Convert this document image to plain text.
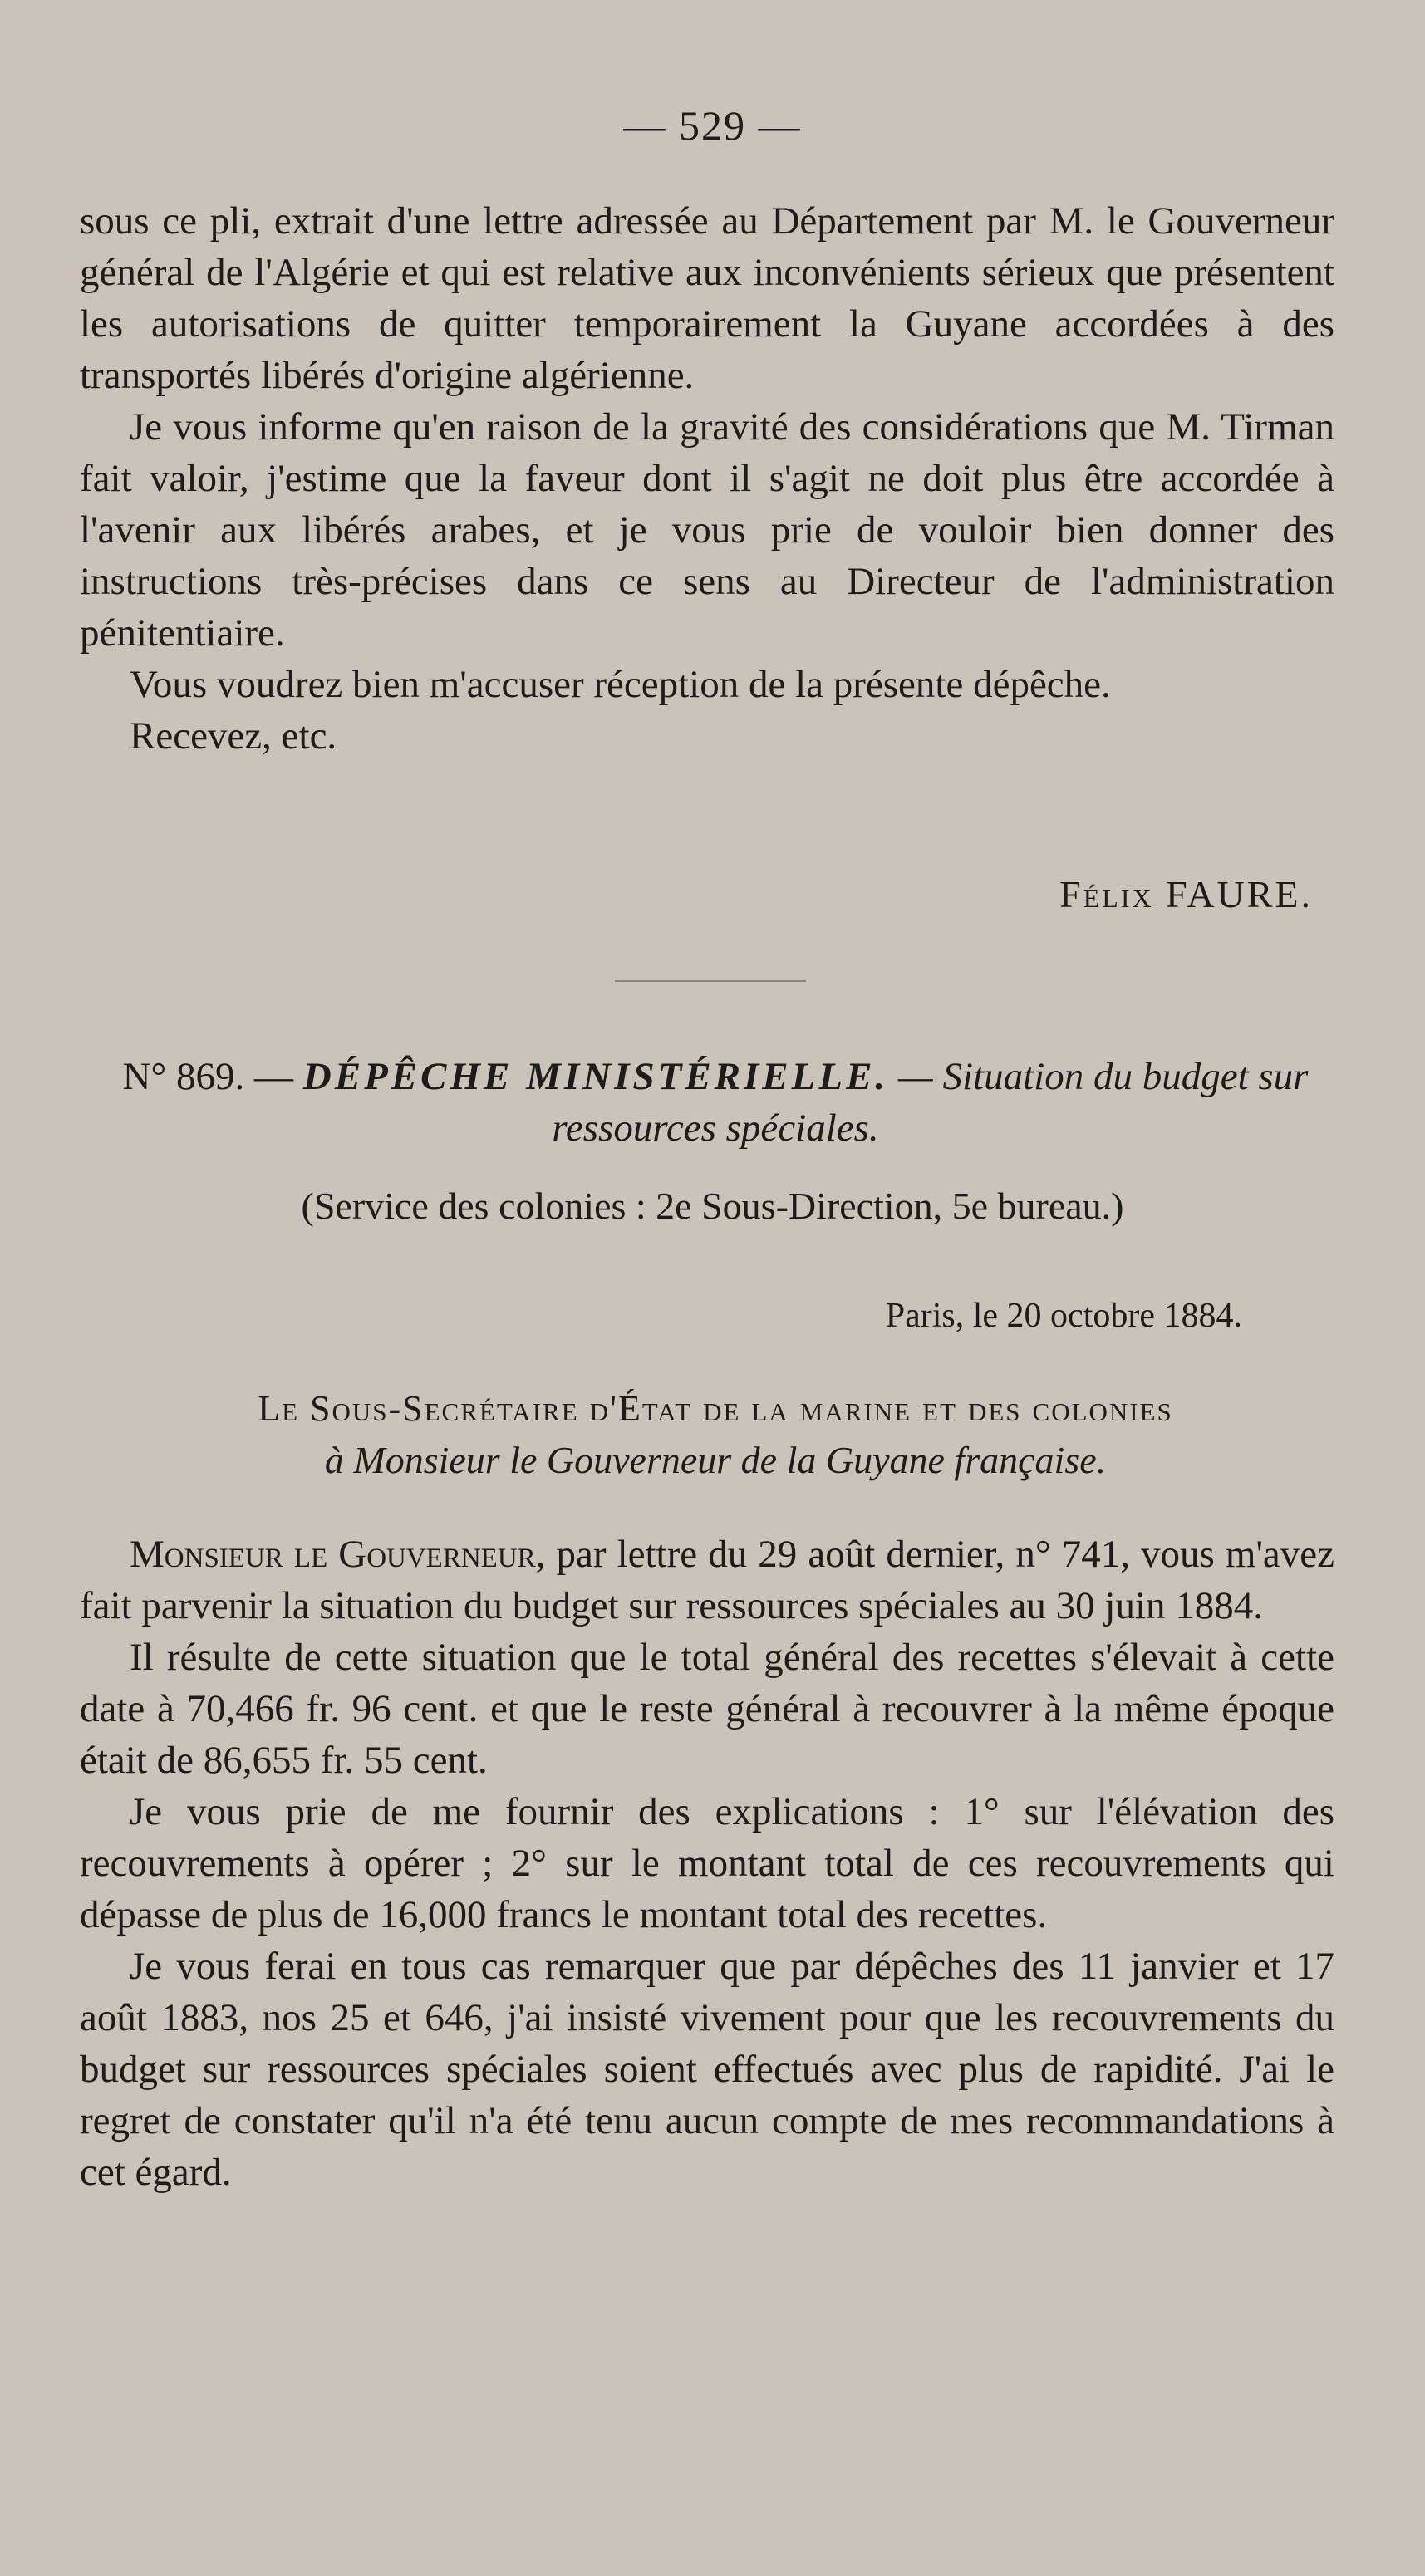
— 529 —

sous ce pli, extrait d'une lettre adressée au Département par M. le Gouverneur général de l'Algérie et qui est relative aux inconvénients sérieux que présentent les autorisations de quitter temporairement la Guyane accordées à des transportés libérés d'origine algérienne.

Je vous informe qu'en raison de la gravité des considérations que M. Tirman fait valoir, j'estime que la faveur dont il s'agit ne doit plus être accordée à l'avenir aux libérés arabes, et je vous prie de vouloir bien donner des instructions très-précises dans ce sens au Directeur de l'administration pénitentiaire.

Vous voudrez bien m'accuser réception de la présente dépêche.

Recevez, etc.

Félix FAURE.
N° 869. — DÉPÊCHE MINISTÉRIELLE. — Situation du budget sur ressources spéciales.
(Service des colonies : 2e Sous-Direction, 5e bureau.)
Paris, le 20 octobre 1884.
Le Sous-Secrétaire d'État de la marine et des colonies
à Monsieur le Gouverneur de la Guyane française.

Monsieur le Gouverneur, par lettre du 29 août dernier, n° 741, vous m'avez fait parvenir la situation du budget sur ressources spéciales au 30 juin 1884.

Il résulte de cette situation que le total général des recettes s'élevait à cette date à 70,466 fr. 96 cent. et que le reste général à recouvrer à la même époque était de 86,655 fr. 55 cent.

Je vous prie de me fournir des explications : 1° sur l'élévation des recouvrements à opérer ; 2° sur le montant total de ces recouvrements qui dépasse de plus de 16,000 francs le montant total des recettes.

Je vous ferai en tous cas remarquer que par dépêches des 11 janvier et 17 août 1883, nos 25 et 646, j'ai insisté vivement pour que les recouvrements du budget sur ressources spéciales soient effectués avec plus de rapidité. J'ai le regret de constater qu'il n'a été tenu aucun compte de mes recommandations à cet égard.
